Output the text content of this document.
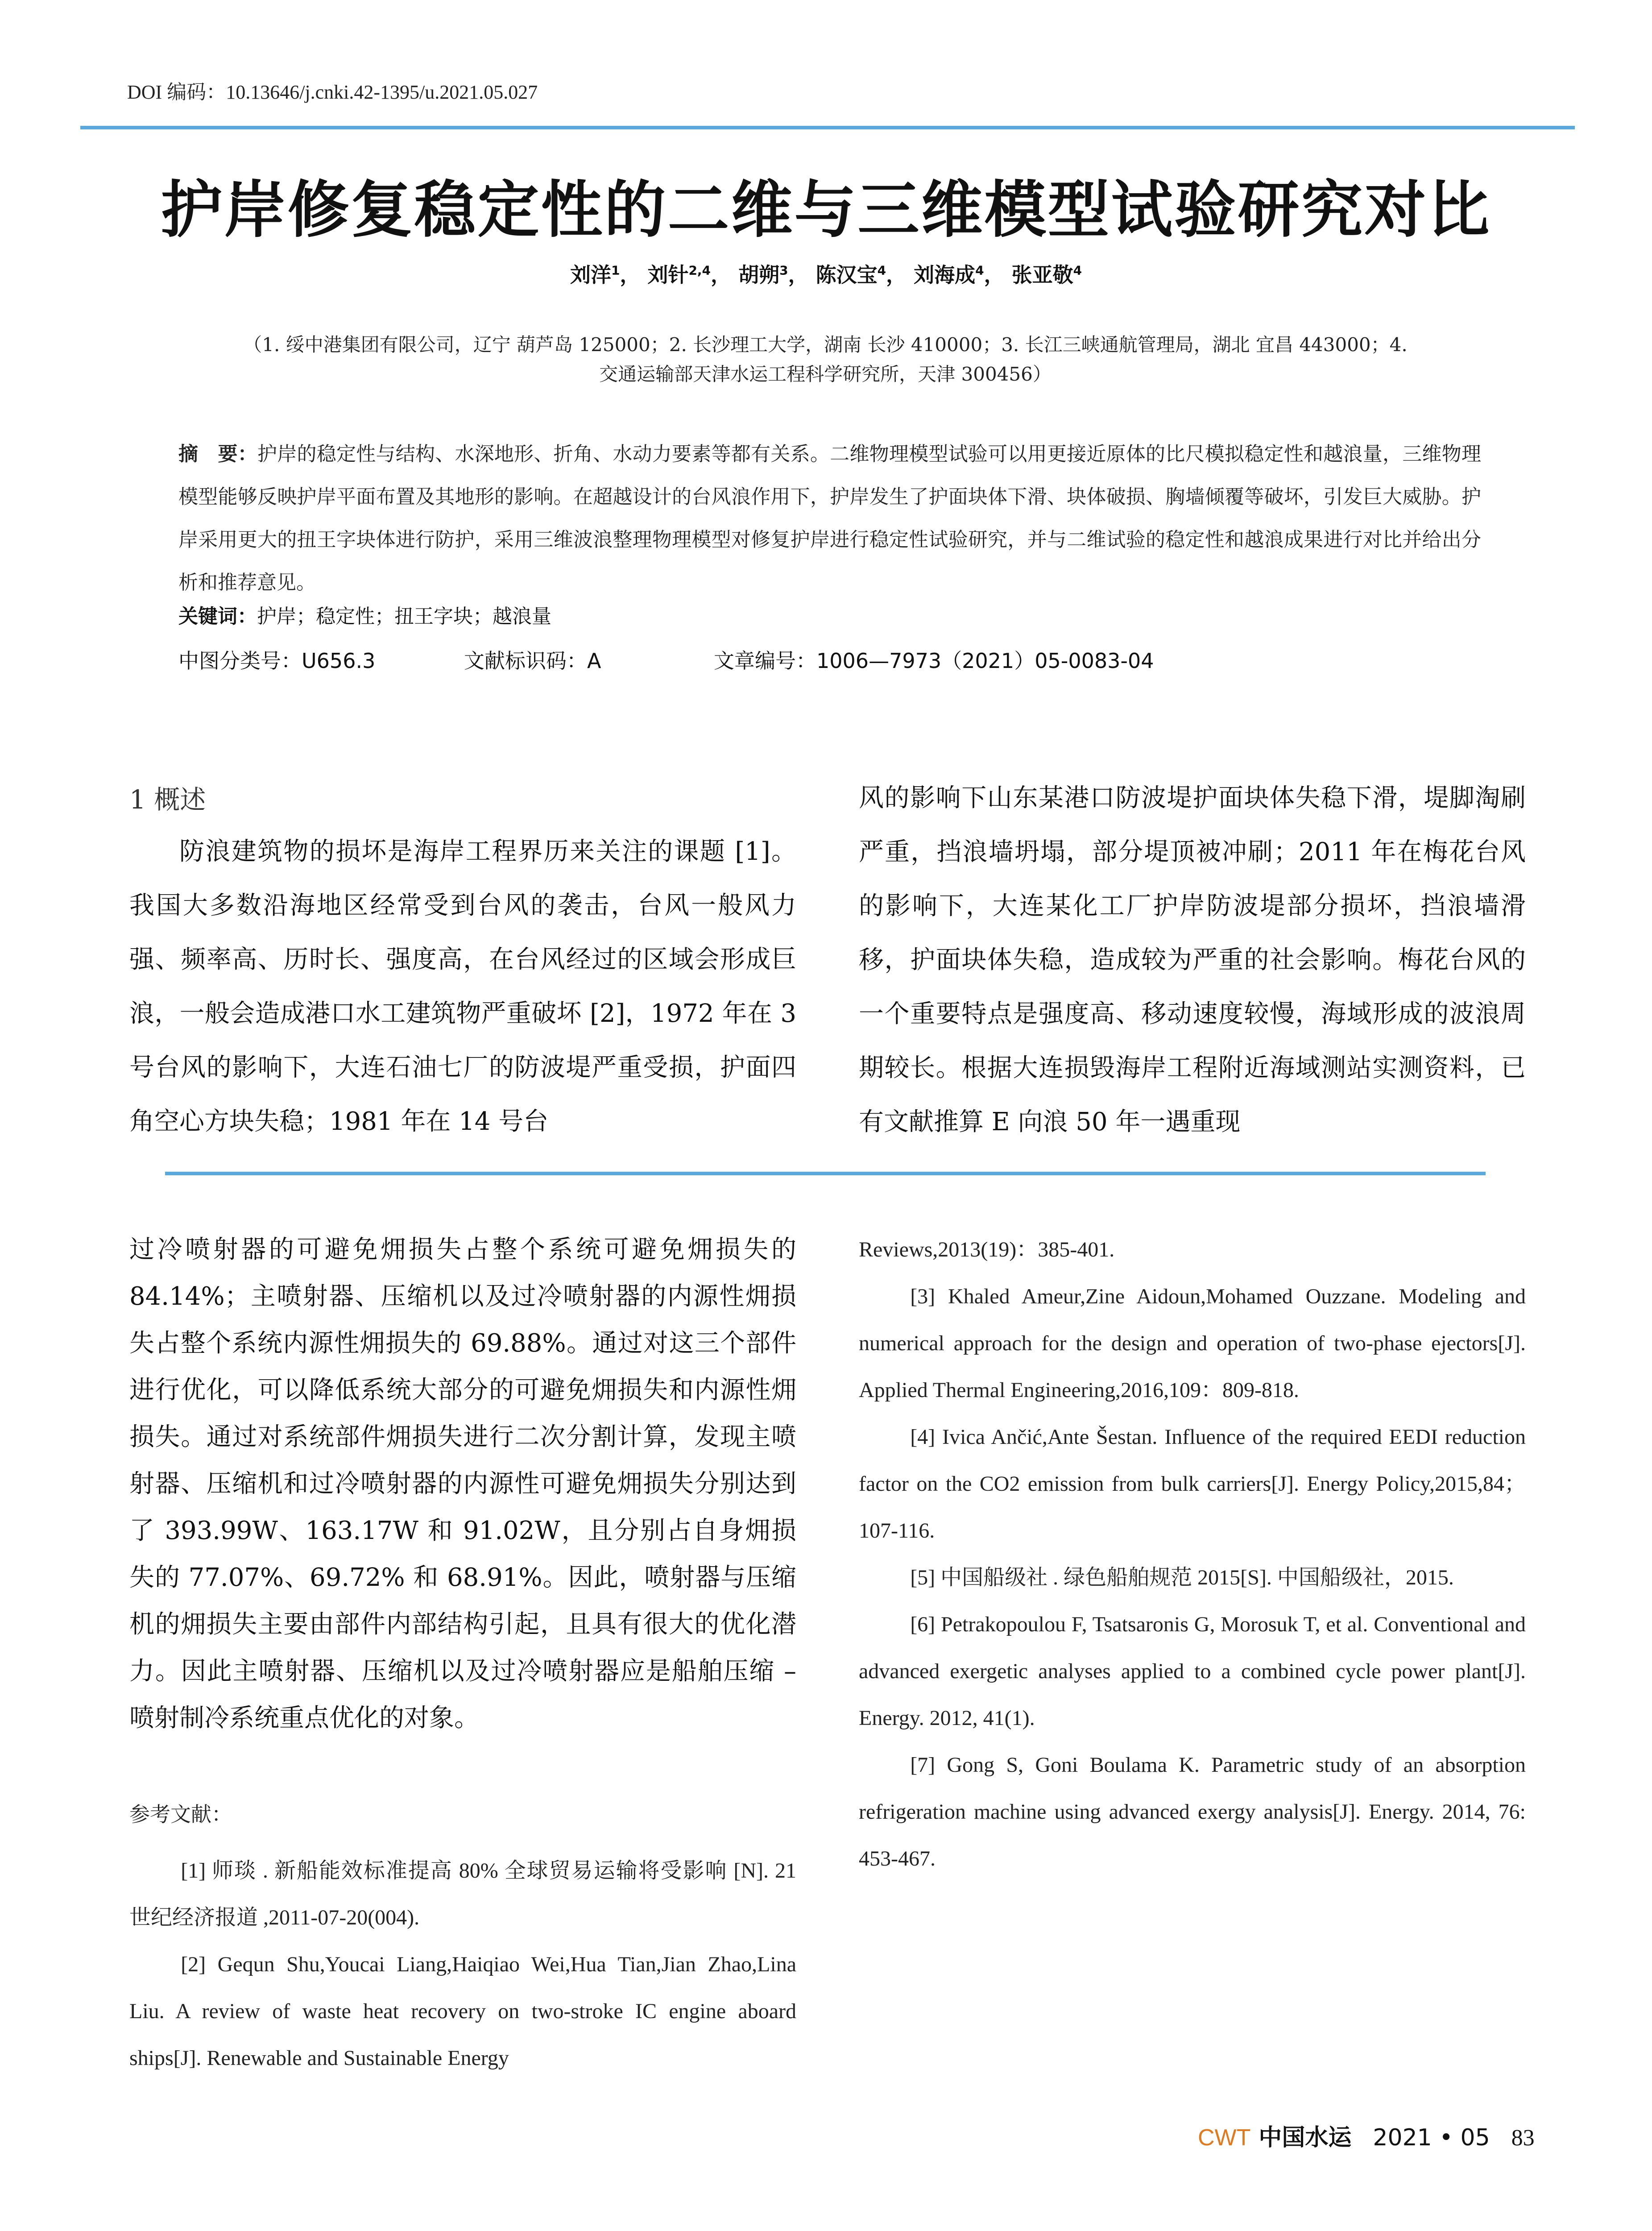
DOI 编码：10.13646/j.cnki.42-1395/u.2021.05.027
护岸修复稳定性的二维与三维模型试验研究对比
刘洋$^1$， 刘针$^{2,4}$， 胡朔$^3$， 陈汉宝$^4$， 刘海成$^4$， 张亚敬$^4$
（1. 绥中港集团有限公司，辽宁 葫芦岛 125000；2. 长沙理工大学，湖南 长沙 410000；3. 长江三峡通航管理局，湖北 宜昌 443000；4.
交通运输部天津水运工程科学研究所，天津 300456）
摘　要：护岸的稳定性与结构、水深地形、折角、水动力要素等都有关系。二维物理模型试验可以用更接近原体的比尺模拟稳定性和越浪量，三维物理模型能够反映护岸平面布置及其地形的影响。在超越设计的台风浪作用下，护岸发生了护面块体下滑、块体破损、胸墙倾覆等破坏，引发巨大威胁。护岸采用更大的扭王字块体进行防护，采用三维波浪整理物理模型对修复护岸进行稳定性试验研究，并与二维试验的稳定性和越浪成果进行对比并给出分析和推荐意见。
关键词：护岸；稳定性；扭王字块；越浪量
中图分类号：U656.3	文献标识码：A	文章编号：1006—7973（2021）05-0083-04
1 概述

防浪建筑物的损坏是海岸工程界历来关注的课题 [1]。我国大多数沿海地区经常受到台风的袭击，台风一般风力强、频率高、历时长、强度高，在台风经过的区域会形成巨浪，一般会造成港口水工建筑物严重破坏 [2]，1972 年在 3 号台风的影响下，大连石油七厂的防波堤严重受损，护面四角空心方块失稳；1981 年在 14 号台

风的影响下山东某港口防波堤护面块体失稳下滑，堤脚淘刷严重，挡浪墙坍塌，部分堤顶被冲刷；2011 年在梅花台风的影响下，大连某化工厂护岸防波堤部分损坏，挡浪墙滑移，护面块体失稳，造成较为严重的社会影响。梅花台风的一个重要特点是强度高、移动速度较慢，海域形成的波浪周期较长。根据大连损毁海岸工程附近海域测站实测资料，已有文献推算 E 向浪 50 年一遇重现

过冷喷射器的可避免㶲损失占整个系统可避免㶲损失的 84.14%；主喷射器、压缩机以及过冷喷射器的内源性㶲损失占整个系统内源性㶲损失的 69.88%。通过对这三个部件进行优化，可以降低系统大部分的可避免㶲损失和内源性㶲损失。通过对系统部件㶲损失进行二次分割计算，发现主喷射器、压缩机和过冷喷射器的内源性可避免㶲损失分别达到了 393.99W、163.17W 和 91.02W，且分别占自身㶲损失的 77.07%、69.72% 和 68.91%。因此，喷射器与压缩机的㶲损失主要由部件内部结构引起，且具有很大的优化潜力。因此主喷射器、压缩机以及过冷喷射器应是船舶压缩 – 喷射制冷系统重点优化的对象。

参考文献：

[1] 师琰 . 新船能效标准提高 80% 全球贸易运输将受影响 [N]. 21 世纪经济报道 ,2011-07-20(004).

[2] Gequn Shu,Youcai Liang,Haiqiao Wei,Hua Tian,Jian Zhao,Lina Liu. A review of waste heat recovery on two-stroke IC engine aboard ships[J]. Renewable and Sustainable Energy

Reviews,2013(19)：385-401.

[3] Khaled Ameur,Zine Aidoun,Mohamed Ouzzane. Modeling and numerical approach for the design and operation of two-phase ejectors[J]. Applied Thermal Engineering,2016,109：809-818.

[4] Ivica Ančić,Ante Šestan. Influence of the required EEDI reduction factor on the CO2 emission from bulk carriers[J]. Energy Policy,2015,84；107-116.

[5] 中国船级社 . 绿色船舶规范 2015[S]. 中国船级社，2015.

[6] Petrakopoulou F, Tsatsaronis G, Morosuk T, et al. Conventional and advanced exergetic analyses applied to a combined cycle power plant[J]. Energy. 2012, 41(1).

[7] Gong S, Goni Boulama K. Parametric study of an absorption refrigeration machine using advanced exergy analysis[J]. Energy. 2014, 76: 453-467.

CWT 中国水运 2021 • 05 83
